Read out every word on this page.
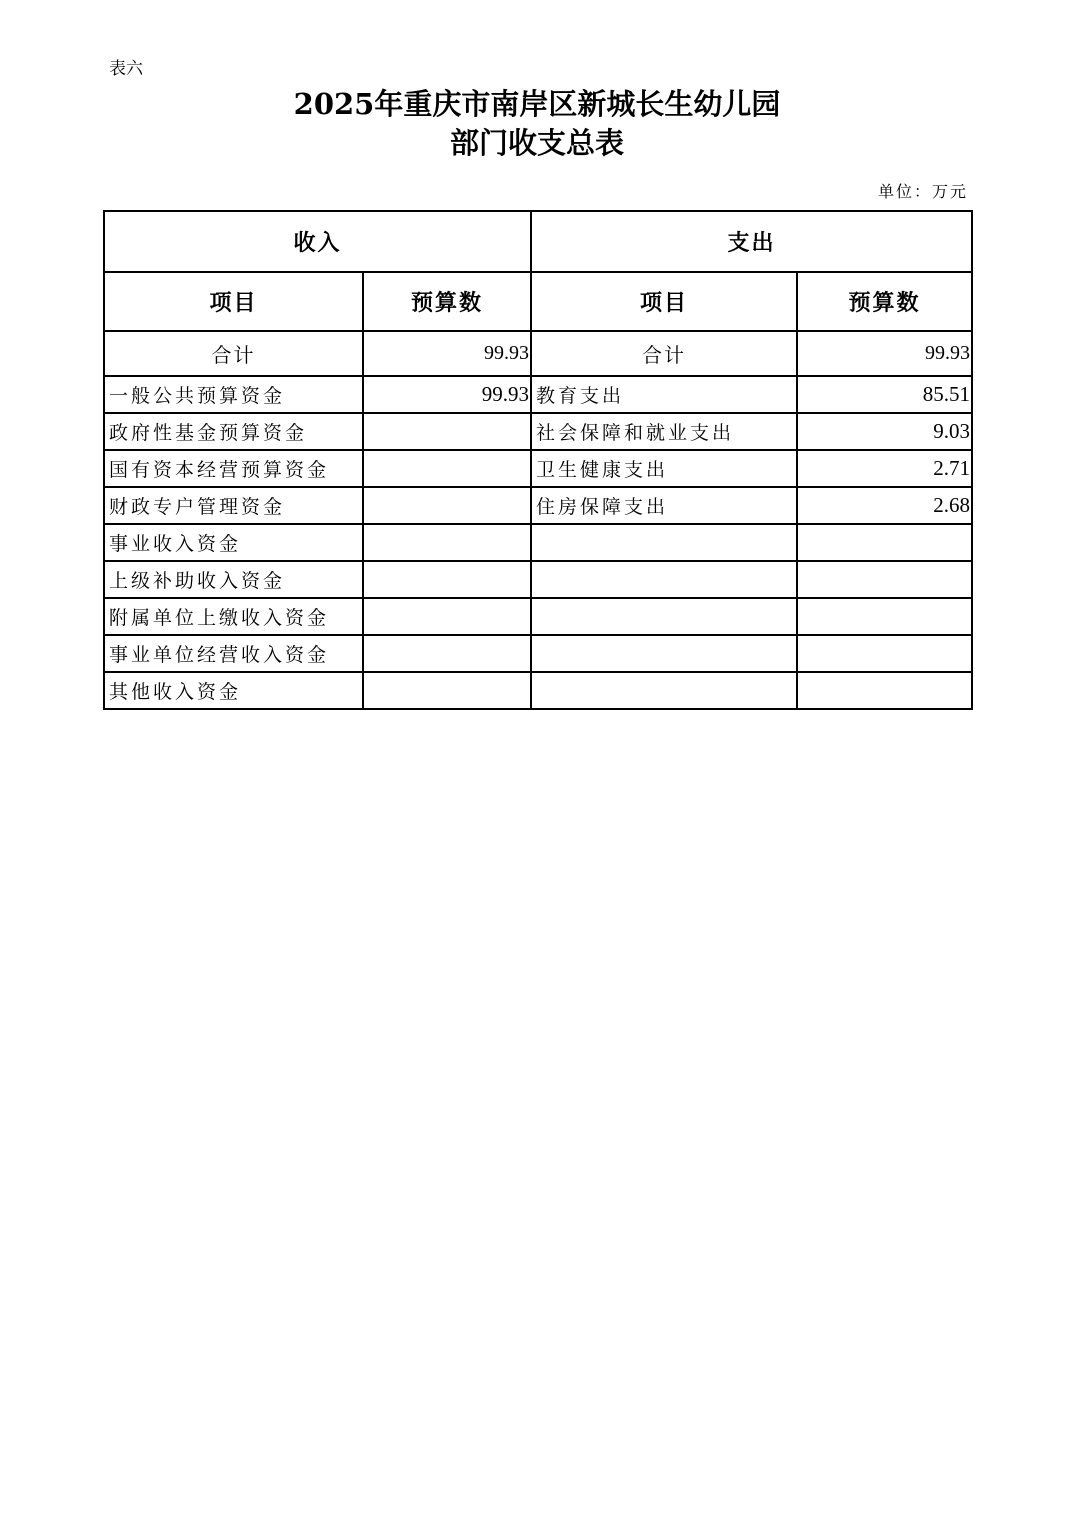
表六
2025年重庆市南岸区新城长生幼儿园
部门收支总表
单位：万元
收入		支出	
项目	预算数	项目	预算数
合计	99.93	合计	99.93
一般公共预算资金	99.93	教育支出	85.51
政府性基金预算资金		社会保障和就业支出	9.03
国有资本经营预算资金		卫生健康支出	2.71
财政专户管理资金		住房保障支出	2.68
事业收入资金			
上级补助收入资金			
附属单位上缴收入资金			
事业单位经营收入资金			
其他收入资金			
